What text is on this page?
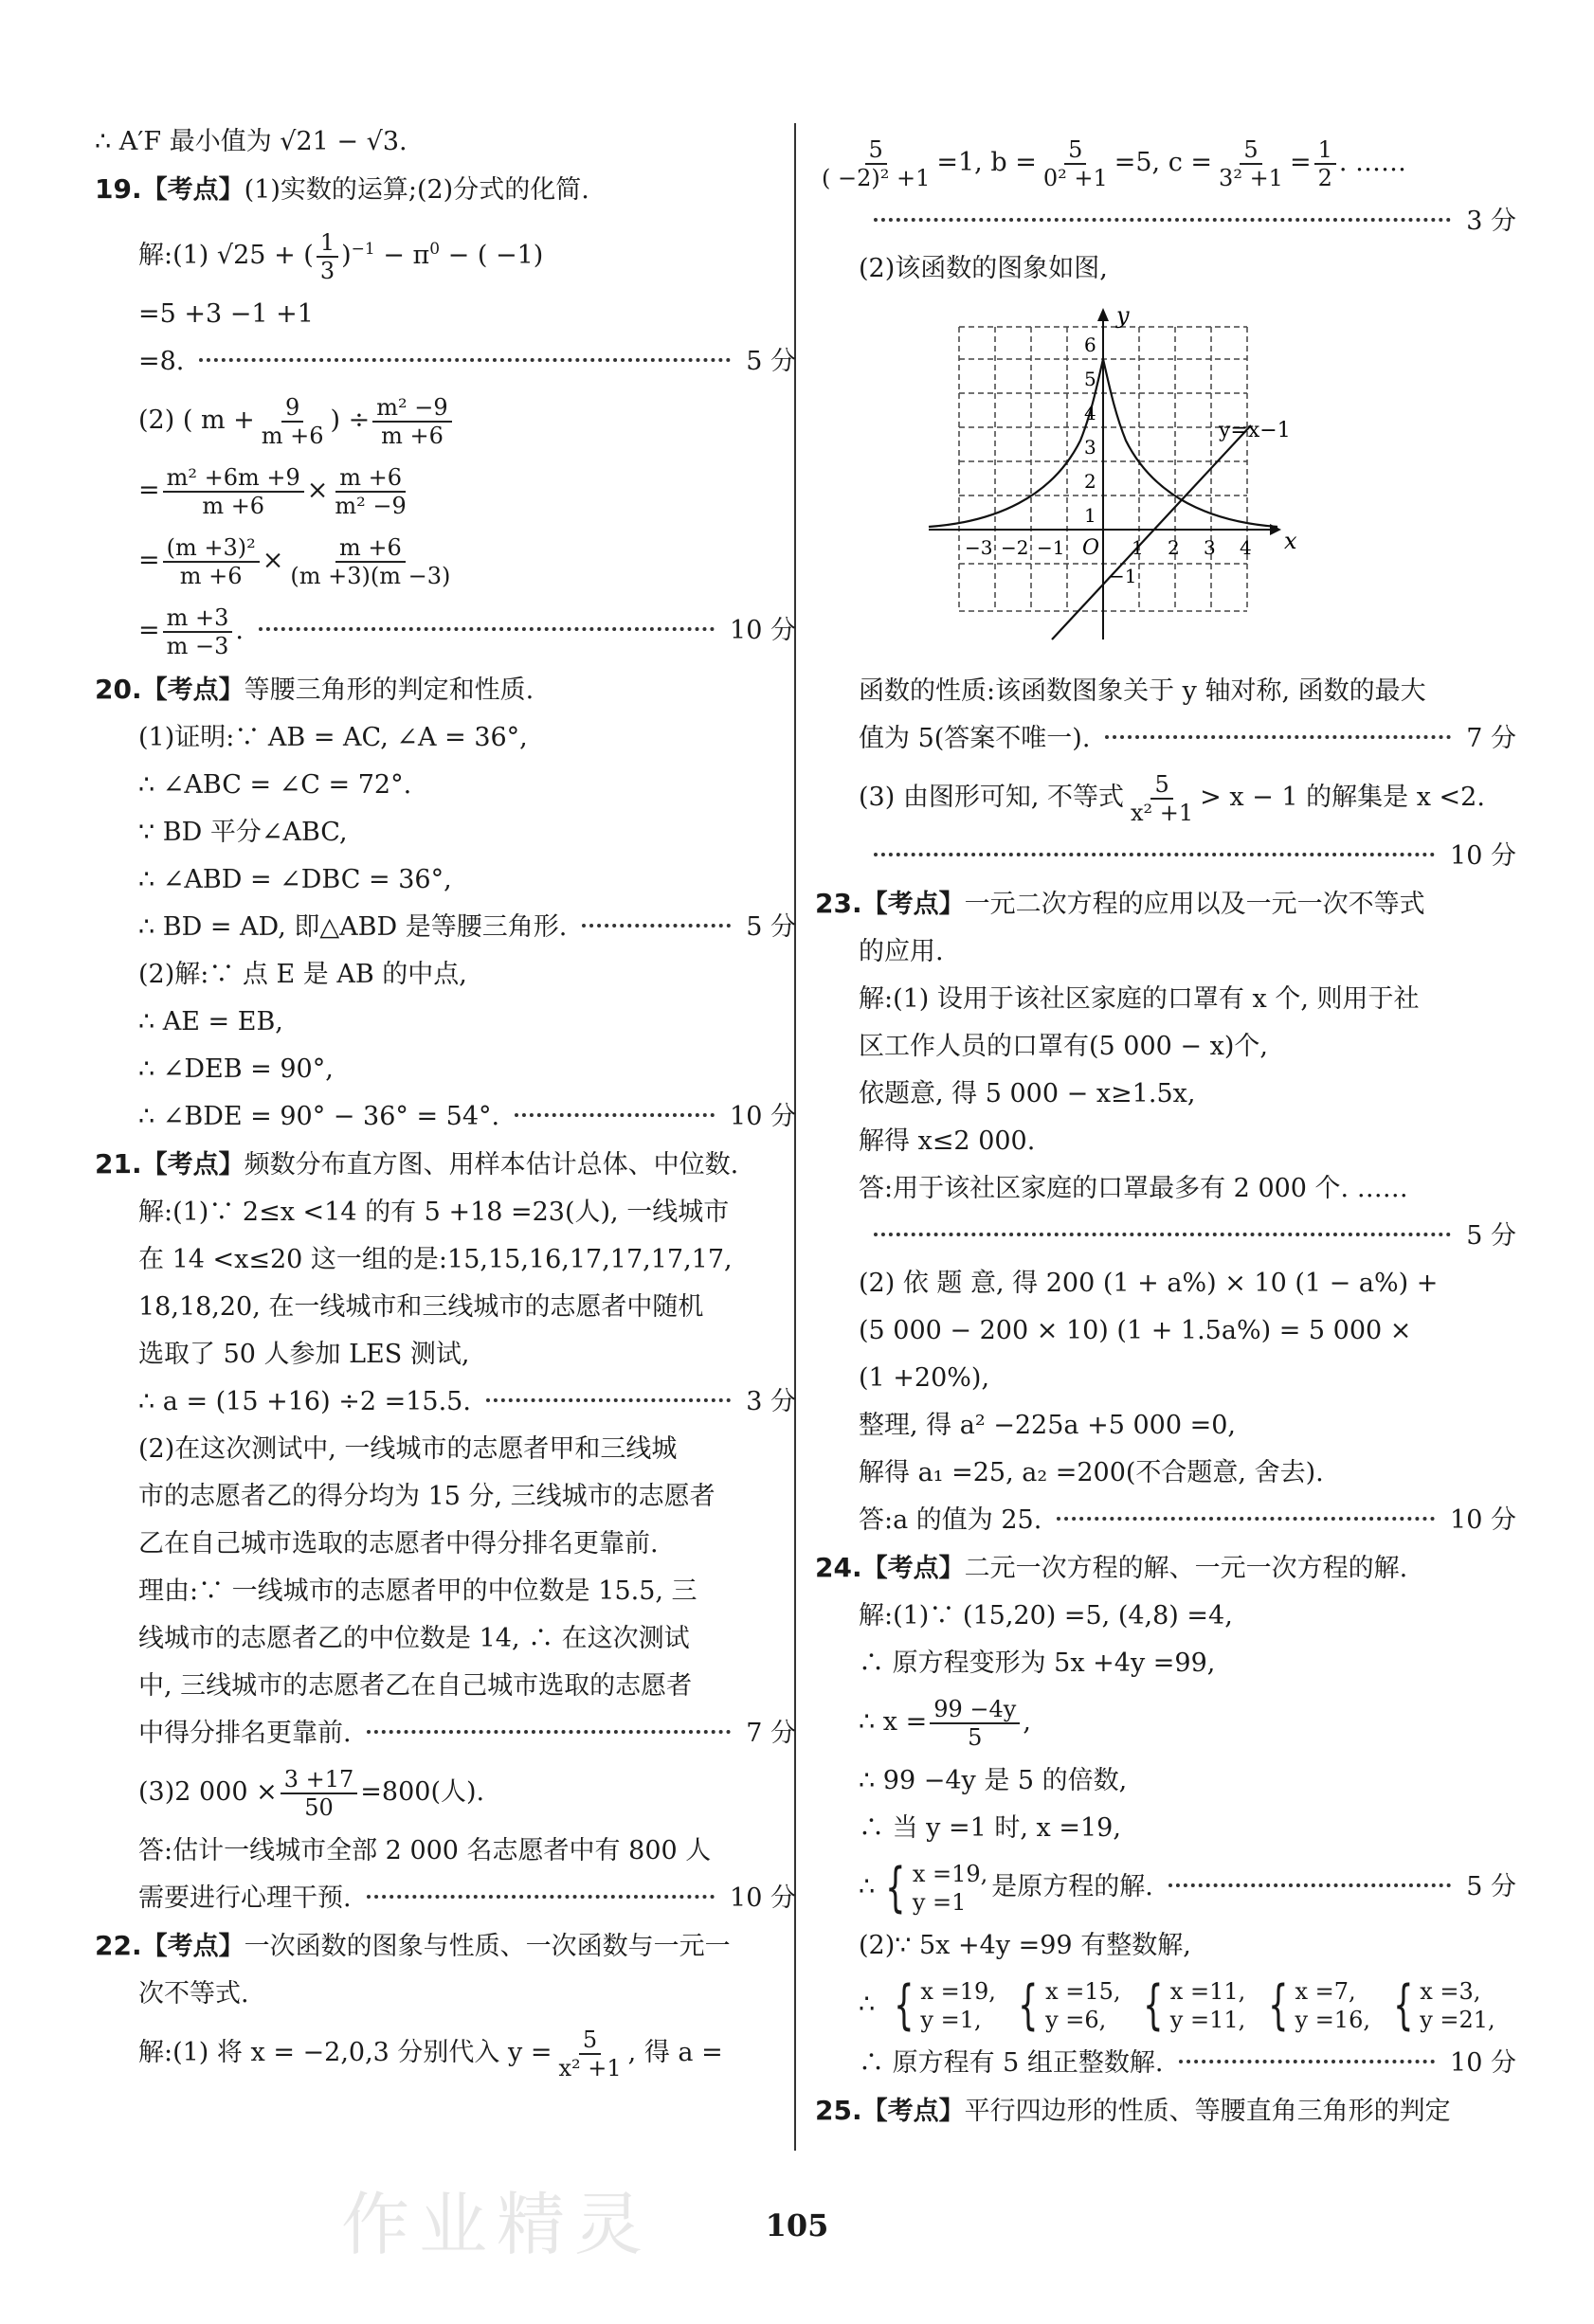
作业精灵
∴ A′F 最小值为 √21 − √3.
19.【考点】(1)实数的运算;(2)分式的化简.
解:(1) √25 + ( $\frac{1}{3} )^{-1} - \pi^0$ − ( −1)
=5 +3 −1 +1
=8.	5 分
(2) ( $m + \frac{9}{m +6}$ ) ÷ $\frac{\text{m² −9}}{m +6}$
= $\frac{\text{m² +6m +9}}{m +6} \times \frac{m +6}{\text{m² −9}}$
= $\frac{\text{(m +3)²}}{m +6} \times \frac{m +6}{(m +3)(m -3)}$
= $\frac{m +3}{m -3}$ .	10 分
20.【考点】等腰三角形的判定和性质.
(1)证明:∵ AB = AC, ∠A = 36°,
∴ ∠ABC = ∠C = 72°.
∵ BD 平分∠ABC,
∴ ∠ABD = ∠DBC = 36°,
∴ BD = AD, 即△ABD 是等腰三角形.	5 分
(2)解:∵ 点 E 是 AB 的中点,
∴ AE = EB,
∴ ∠DEB = 90°,
∴ ∠BDE = 90° − 36° = 54°.	10 分
21.【考点】频数分布直方图、用样本估计总体、中位数.
解:(1)∵ 2≤x <14 的有 5 +18 =23(人), 一线城市
在 14 <x≤20 这一组的是:15,15,16,17,17,17,17,
18,18,20, 在一线城市和三线城市的志愿者中随机
选取了 50 人参加 LES 测试,
∴ a = (15 +16) ÷2 =15.5.	3 分
(2)在这次测试中, 一线城市的志愿者甲和三线城
市的志愿者乙的得分均为 15 分, 三线城市的志愿者
乙在自己城市选取的志愿者中得分排名更靠前.
理由:∵ 一线城市的志愿者甲的中位数是 15.5, 三
线城市的志愿者乙的中位数是 14, ∴ 在这次测试
中, 三线城市的志愿者乙在自己城市选取的志愿者
中得分排名更靠前.	7 分
(3)2 $000 \times \frac{3 +17}{50} =800$(人).
答:估计一线城市全部 2 000 名志愿者中有 800 人
需要进行心理干预.	10 分
22.【考点】一次函数的图象与性质、一次函数与一元一
次不等式.
解:(1) 将 x = −2,0,3 分别代入 $y = \frac{5}{\text{x² +1}}$ , 得 a =
$\frac{5}{\text{( −2)² +1}} =1$, $b = \frac{5}{\text{0² +1}} =5$, $c = \frac{5}{\text{3² +1}} = \frac{1}{2}$ . ……
3 分
(2)该函数的图象如图,
y
x
O
y=x−1
−3 −2 −1	1 2 3 4
1
2
3
4
5
6
−1
函数的性质:该函数图象关于 y 轴对称, 函数的最大
值为 5(答案不唯一).	7 分
(3) 由图形可知, 不等式 $\frac{5}{\text{x² +1}} > x - 1$ 的解集是 x <2.
10 分
23.【考点】一元二次方程的应用以及一元一次不等式
的应用.
解:(1) 设用于该社区家庭的口罩有 x 个, 则用于社
区工作人员的口罩有(5 000 − x)个,
依题意, 得 5 000 − x≥1.5x,
解得 x≤2 000.
答:用于该社区家庭的口罩最多有 2 000 个. ……
5 分
(2) 依 题 意, 得 200 (1 + a%) × 10 (1 − a%) +
(5 000 − 200 × 10) (1 + 1.5a%) = 5 000 ×
(1 +20%),
整理, 得 a² −225a +5 000 =0,
解得 a₁ =25, a₂ =200(不合题意, 舍去).
答:a 的值为 25.	10 分
24.【考点】二元一次方程的解、一元一次方程的解.
解:(1)∵ (15,20) =5, (4,8) =4,
∴ 原方程变形为 5x +4y =99,
∴ $x = \frac{99 -4y}{5}$ ,
∴ 99 −4y 是 5 的倍数,
∴ 当 y =1 时, x =19,
∴ { x =19,
y =1
是原方程的解.	5 分
(2)∵ 5x +4y =99 有整数解,
∴ { x =19,
y =1,
{ x =15,
y =6,
{ x =11,
y =11,
{ x =7,
y =16,
{ x =3,
y =21,
∴ 原方程有 5 组正整数解.	10 分
25.【考点】平行四边形的性质、等腰直角三角形的判定
105
